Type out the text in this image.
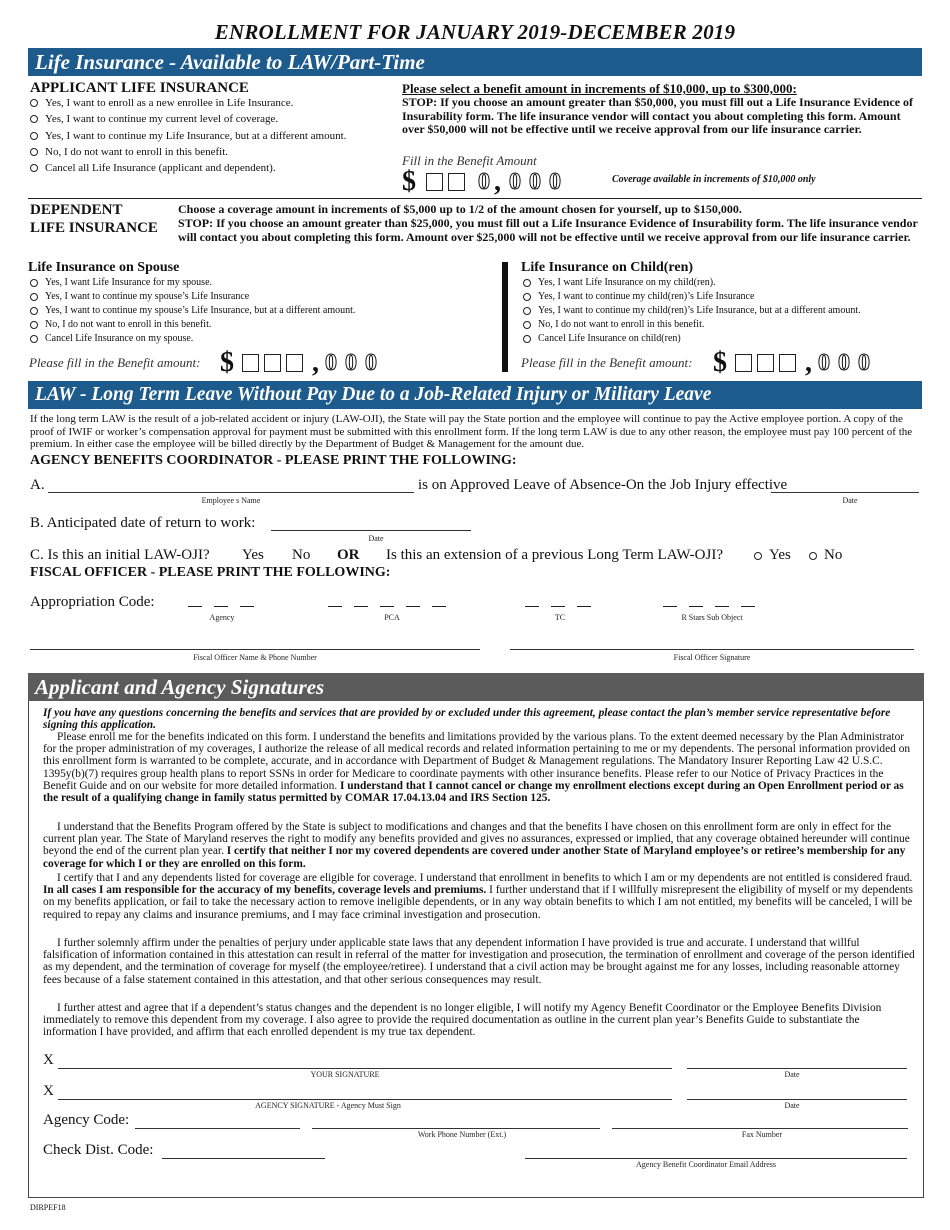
ENROLLMENT FOR JANUARY 2019-DECEMBER 2019
Life Insurance - Available to LAW/Part-Time
APPLICANT LIFE INSURANCE
Yes, I want to enroll as a new enrollee in Life Insurance.
Yes, I want to continue my current level of coverage.
Yes, I want to continue my Life Insurance, but at a different amount.
No, I do not want to enroll in this benefit.
Cancel all Life Insurance (applicant and dependent).
Please select a benefit amount in increments of $10,000, up to $300,000:
STOP: If you choose an amount greater than $50,000, you must fill out a Life Insurance Evidence of Insurability form. The life insurance vendor will contact you about completing this form. Amount over $50,000 will not be effective until we receive approval from our life insurance carrier.
Fill in the Benefit Amount
$	0 , 0 0 0	Coverage available in increments of $10,000 only
DEPENDENT
LIFE INSURANCE
Choose a coverage amount in increments of $5,000 up to 1/2 of the amount chosen for yourself, up to $150,000.
STOP: If you choose an amount greater than $25,000, you must fill out a Life Insurance Evidence of Insurability form. The life insurance vendor will contact you about completing this form. Amount over $25,000 will not be effective until we receive approval from our life insurance carrier.
Life Insurance on Spouse
Yes, I want Life Insurance for my spouse.
Yes, I want to continue my spouse’s Life Insurance
Yes, I want to continue my spouse’s Life Insurance, but at a different amount.
No, I do not want to enroll in this benefit.
Cancel Life Insurance on my spouse.
Life Insurance on Child(ren)
Yes, I want Life Insurance on my child(ren).
Yes, I want to continue my child(ren)’s Life Insurance
Yes, I want to continue my child(ren)’s Life Insurance, but at a different amount.
No, I do not want to enroll in this benefit.
Cancel Life Insurance on child(ren)
Please fill in the Benefit amount: $	, 0 0 0	Please fill in the Benefit amount: $	, 0 0 0
LAW - Long Term Leave Without Pay Due to a Job-Related Injury or Military Leave
If the long term LAW is the result of a job-related accident or injury (LAW-OJI), the State will pay the State portion and the employee will continue to pay the Active employee portion. A copy of the proof of IWIF or worker’s compensation approval for payment must be submitted with this enrollment form. If the long term LAW is due to any other reason, the employee must pay 100 percent of the premium. In either case the employee will be billed directly by the Department of Budget & Management for the amount due.
AGENCY BENEFITS COORDINATOR - PLEASE PRINT THE FOLLOWING:
A.	is on Approved Leave of Absence-On the Job Injury effective
Employee s Name	Date
B. Anticipated date of return to work:
Date
C. Is this an initial LAW-OJI? Yes No OR Is this an extension of a previous Long Term LAW-OJI?	Yes No
FISCAL OFFICER - PLEASE PRINT THE FOLLOWING:
Appropriation Code:
Agency	PCA	TC	R Stars Sub Object
Fiscal Officer Name & Phone Number	Fiscal Officer Signature
Applicant and Agency Signatures
If you have any questions concerning the benefits and services that are provided by or excluded under this agreement, please contact the plan’s member service representative before signing this application.
Please enroll me for the benefits indicated on this form. I understand the benefits and limitations provided by the various plans. To the extent deemed necessary by the Plan Administrator for the proper administration of my coverages, I authorize the release of all medical records and related information pertaining to me or my dependents. The personal information provided on this enrollment form is warranted to be complete, accurate, and in accordance with Department of Budget & Management regulations. The Mandatory Insurer Reporting Law 42 U.S.C. 1395y(b)(7) requires group health plans to report SSNs in order for Medicare to coordinate payments with other insurance benefits. Please refer to our Notice of Privacy Practices in the Benefit Guide and on our website for more detailed information. I understand that I cannot cancel or change my enrollment elections except during an Open Enrollment period or as the result of a qualifying change in family status permitted by COMAR 17.04.13.04 and IRS Section 125.
I understand that the Benefits Program offered by the State is subject to modifications and changes and that the benefits I have chosen on this enrollment form are only in effect for the current plan year. The State of Maryland reserves the right to modify any benefits provided and gives no assurances, expressed or implied, that any coverage obtained hereunder will continue beyond the end of the current plan year. I certify that neither I nor my covered dependents are covered under another State of Maryland employee’s or retiree’s membership for any coverage for which I or they are enrolled on this form.
I certify that I and any dependents listed for coverage are eligible for coverage. I understand that enrollment in benefits to which I am or my dependents are not entitled is considered fraud. In all cases I am responsible for the accuracy of my benefits, coverage levels and premiums. I further understand that if I willfully misrepresent the eligibility of myself or my dependents on my benefits application, or fail to take the necessary action to remove ineligible dependents, or in any way obtain benefits to which I am not entitled, my benefits will be canceled, I will be required to repay any claims and insurance premiums, and I may face criminal investigation and prosecution.
I further solemnly affirm under the penalties of perjury under applicable state laws that any dependent information I have provided is true and accurate. I understand that willful falsification of information contained in this attestation can result in referral of the matter for investigation and prosecution, the termination of enrollment and coverage of the person identified as my dependent, and the termination of coverage for myself (the employee/retiree). I understand that a civil action may be brought against me for any losses, including reasonable attorney fees because of a false statement contained in this attestation, and that other serious consequences may result.
I further attest and agree that if a dependent’s status changes and the dependent is no longer eligible, I will notify my Agency Benefit Coordinator or the Employee Benefits Division immediately to remove this dependent from my coverage. I also agree to provide the required documentation as outline in the current plan year’s Benefits Guide to substantiate the information I have provided, and affirm that each enrolled dependent is my true tax dependent.
X
YOUR SIGNATURE	Date
X
AGENCY SIGNATURE - Agency Must Sign	Date
Agency Code:
Work Phone Number (Ext.)	Fax Number
Check Dist. Code:
Agency Benefit Coordinator Email Address
DIRPEF18
